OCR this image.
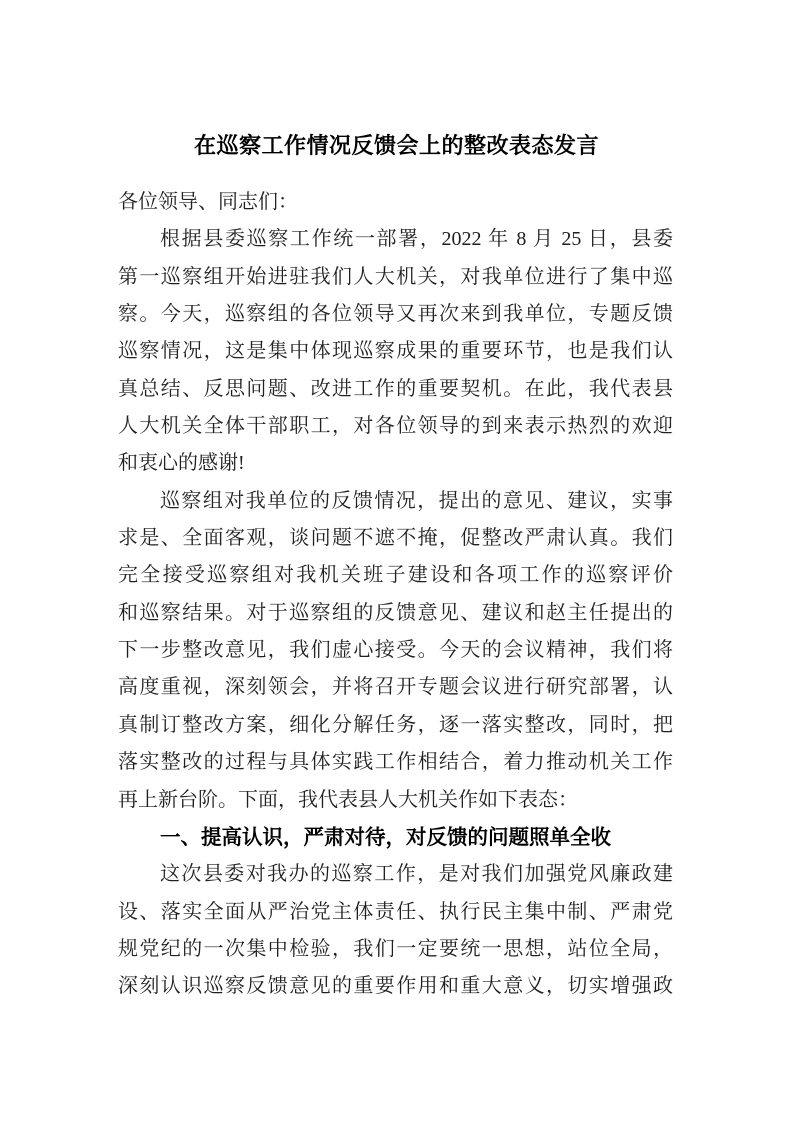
在巡察工作情况反馈会上的整改表态发言
各位领导、同志们：
根据县委巡察工作统一部署，2022 年 8 月 25 日，县委
第一巡察组开始进驻我们人大机关，对我单位进行了集中巡
察。今天，巡察组的各位领导又再次来到我单位，专题反馈
巡察情况，这是集中体现巡察成果的重要环节，也是我们认
真总结、反思问题、改进工作的重要契机。在此，我代表县
人大机关全体干部职工，对各位领导的到来表示热烈的欢迎
和衷心的感谢!
巡察组对我单位的反馈情况，提出的意见、建议，实事
求是、全面客观，谈问题不遮不掩，促整改严肃认真。我们
完全接受巡察组对我机关班子建设和各项工作的巡察评价
和巡察结果。对于巡察组的反馈意见、建议和赵主任提出的
下一步整改意见，我们虚心接受。今天的会议精神，我们将
高度重视，深刻领会，并将召开专题会议进行研究部署，认
真制订整改方案，细化分解任务，逐一落实整改，同时，把
落实整改的过程与具体实践工作相结合，着力推动机关工作
再上新台阶。下面，我代表县人大机关作如下表态：
一、提高认识，严肃对待，对反馈的问题照单全收
这次县委对我办的巡察工作，是对我们加强党风廉政建
设、落实全面从严治党主体责任、执行民主集中制、严肃党
规党纪的一次集中检验，我们一定要统一思想，站位全局，
深刻认识巡察反馈意见的重要作用和重大意义，切实增强政
